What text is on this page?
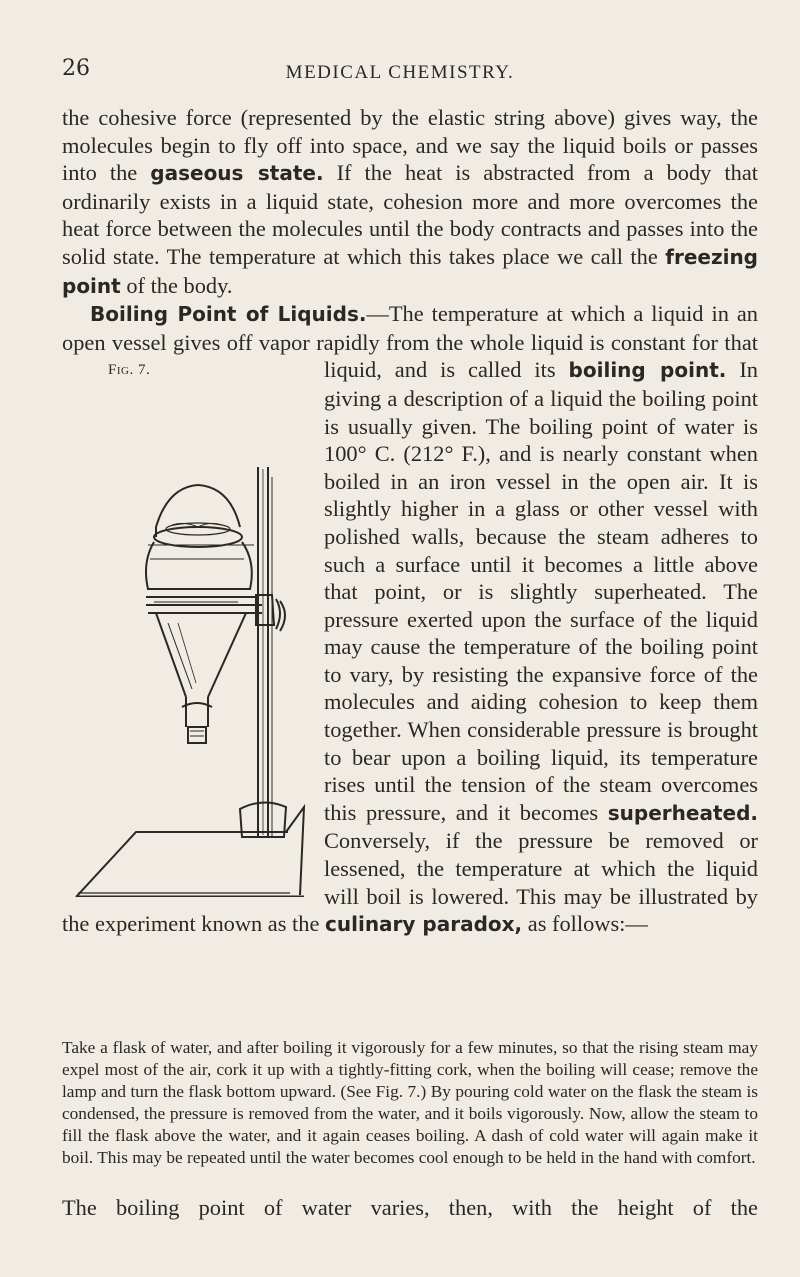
26	MEDICAL CHEMISTRY.

the cohesive force (represented by the elastic string above) gives way, the molecules begin to fly off into space, and we say the liquid boils or passes into the gaseous state. If the heat is abstracted from a body that ordinarily exists in a liquid state, cohesion more and more overcomes the heat force between the molecules until the body contracts and passes into the solid state. The temperature at which this takes place we call the freezing point of the body.

Boiling Point of Liquids.—The temperature at which a liquid in an open vessel gives off vapor rapidly from the whole liquid is constant for that liquid, and is called its
Fig. 7.	boiling point. In giving a description of a liquid the boiling point is usually given. The boiling point of water is 100° C. (212° F.), and is nearly constant when boiled in an iron vessel in the open air. It is slightly higher in a glass or other vessel with polished walls, because the steam adheres to such a surface until it becomes a little above that point, or is slightly superheated. The pressure exerted upon the surface of the liquid may cause the temperature of the boiling point to vary, by resisting the expansive force of the molecules and aiding cohesion to keep them together. When considerable pressure is brought to bear upon a boiling liquid, its temperature rises until the tension of the steam overcomes this pressure, and it becomes superheated. Conversely, if the pressure be removed or lessened, the temperature at which the liquid will boil is lowered. This may be illustrated by the experiment known as the culinary paradox, as follows:—

Take a flask of water, and after boiling it vigorously for a few minutes, so that the rising steam may expel most of the air, cork it up with a tightly-fitting cork, when the boiling will cease; remove the lamp and turn the flask bottom upward. (See Fig. 7.) By pouring cold water on the flask the steam is condensed, the pressure is removed from the water, and it boils vigorously. Now, allow the steam to fill the flask above the water, and it again ceases boiling. A dash of cold water will again make it boil. This may be repeated until the water becomes cool enough to be held in the hand with comfort.

The boiling point of water varies, then, with the height of the
